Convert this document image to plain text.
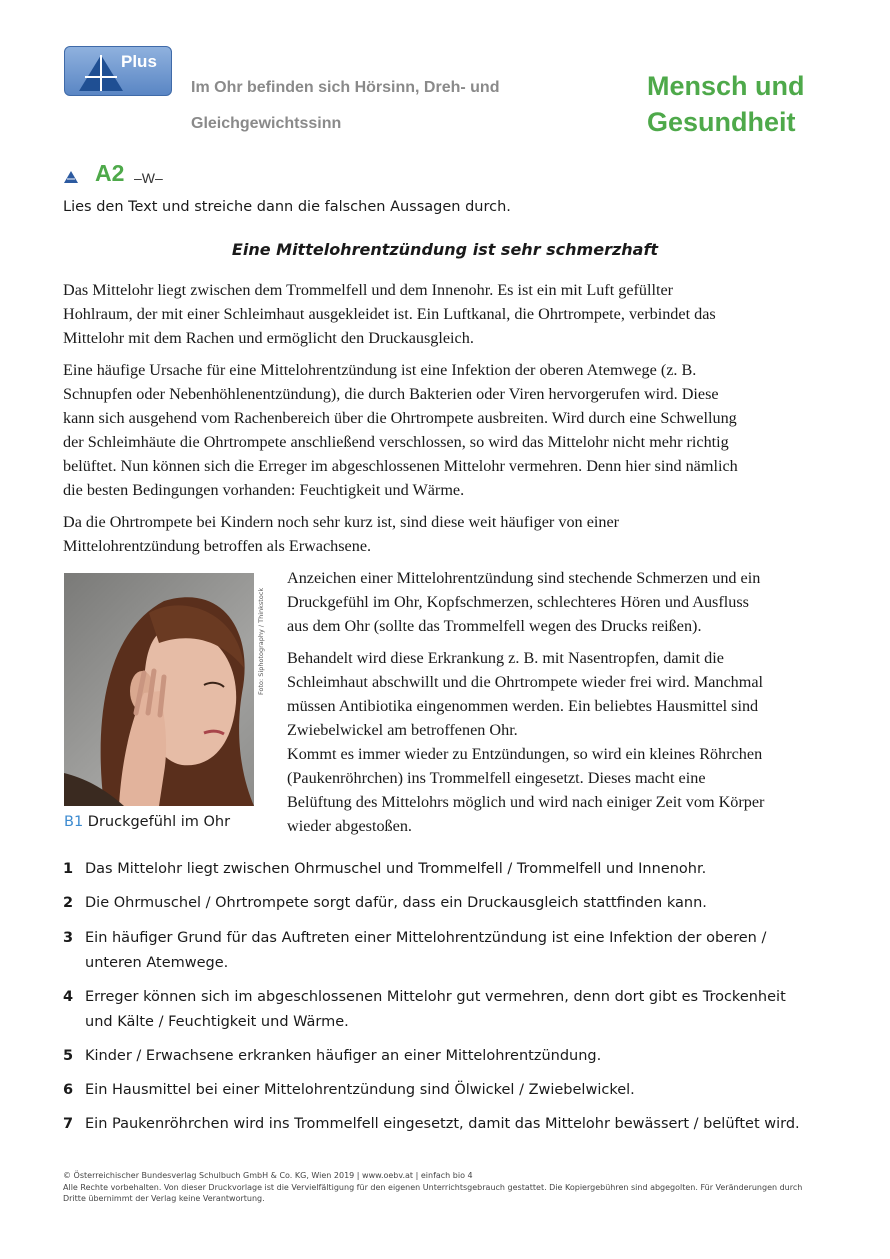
Plus
Im Ohr befinden sich Hörsinn, Dreh- und
Gleichgewichtssinn
Mensch und
Gesundheit
A2 –W–
Lies den Text und streiche dann die falschen Aussagen durch.
Eine Mittelohrentzündung ist sehr schmerzhaft
Das Mittelohr liegt zwischen dem Trommelfell und dem Innenohr. Es ist ein mit Luft gefüllter
Hohlraum, der mit einer Schleimhaut ausgekleidet ist. Ein Luftkanal, die Ohrtrompete, verbindet das
Mittelohr mit dem Rachen und ermöglicht den Druckausgleich.
Eine häufige Ursache für eine Mittelohrentzündung ist eine Infektion der oberen Atemwege (z. B.
Schnupfen oder Nebenhöhlenentzündung), die durch Bakterien oder Viren hervorgerufen wird. Diese
kann sich ausgehend vom Rachenbereich über die Ohrtrompete ausbreiten. Wird durch eine Schwellung
der Schleimhäute die Ohrtrompete anschließend verschlossen, so wird das Mittelohr nicht mehr richtig
belüftet. Nun können sich die Erreger im abgeschlossenen Mittelohr vermehren. Denn hier sind nämlich
die besten Bedingungen vorhanden: Feuchtigkeit und Wärme.
Da die Ohrtrompete bei Kindern noch sehr kurz ist, sind diese weit häufiger von einer
Mittelohrentzündung betroffen als Erwachsene.
Foto: Siphotography / Thinkstock
B1 Druckgefühl im Ohr
Anzeichen einer Mittelohrentzündung sind stechende Schmerzen und ein
Druckgefühl im Ohr, Kopfschmerzen, schlechteres Hören und Ausfluss
aus dem Ohr (sollte das Trommelfell wegen des Drucks reißen).
Behandelt wird diese Erkrankung z. B. mit Nasentropfen, damit die
Schleimhaut abschwillt und die Ohrtrompete wieder frei wird. Manchmal
müssen Antibiotika eingenommen werden. Ein beliebtes Hausmittel sind
Zwiebelwickel am betroffenen Ohr.
Kommt es immer wieder zu Entzündungen, so wird ein kleines Röhrchen
(Paukenröhrchen) ins Trommelfell eingesetzt. Dieses macht eine
Belüftung des Mittelohrs möglich und wird nach einiger Zeit vom Körper
wieder abgestoßen.
1 Das Mittelohr liegt zwischen Ohrmuschel und Trommelfell / Trommelfell und Innenohr.
2 Die Ohrmuschel / Ohrtrompete sorgt dafür, dass ein Druckausgleich stattfinden kann.
3 Ein häufiger Grund für das Auftreten einer Mittelohrentzündung ist eine Infektion der oberen /
unteren Atemwege.
4 Erreger können sich im abgeschlossenen Mittelohr gut vermehren, denn dort gibt es Trockenheit
und Kälte / Feuchtigkeit und Wärme.
5 Kinder / Erwachsene erkranken häufiger an einer Mittelohrentzündung.
6 Ein Hausmittel bei einer Mittelohrentzündung sind Ölwickel / Zwiebelwickel.
7 Ein Paukenröhrchen wird ins Trommelfell eingesetzt, damit das Mittelohr bewässert / belüftet wird.
© Österreichischer Bundesverlag Schulbuch GmbH & Co. KG, Wien 2019 | www.oebv.at | einfach bio 4
Alle Rechte vorbehalten. Von dieser Druckvorlage ist die Vervielfältigung für den eigenen Unterrichtsgebrauch gestattet. Die Kopiergebühren sind abgegolten. Für Veränderungen durch
Dritte übernimmt der Verlag keine Verantwortung.
